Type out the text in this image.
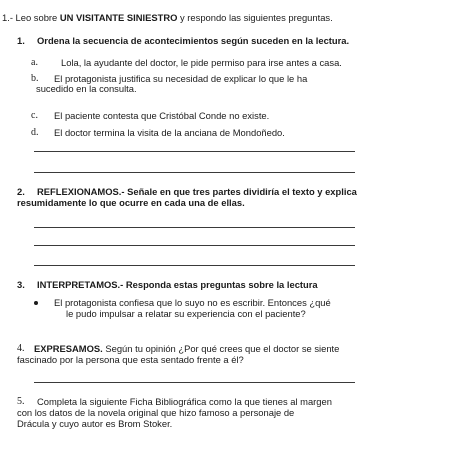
1.- Leo sobre UN VISITANTE SINIESTRO y respondo las siguientes preguntas.
1. Ordena la secuencia de acontecimientos según suceden en la lectura.
a. Lola, la ayudante del doctor, le pide permiso para irse antes a casa.
b. El protagonista justifica su necesidad de explicar lo que le ha
sucedido en la consulta.
c. El paciente contesta que Cristóbal Conde no existe.
d. El doctor termina la visita de la anciana de Mondoñedo.
2. REFLEXIONAMOS.- Señale en que tres partes dividiría el texto y explica
resumidamente lo que ocurre en cada una de ellas.
3. INTERPRETAMOS.- Responda estas preguntas sobre la lectura
El protagonista confiesa que lo suyo no es escribir. Entonces ¿qué
le pudo impulsar a relatar su experiencia con el paciente?
4. EXPRESAMOS. Según tu opinión ¿Por qué crees que el doctor se siente
fascinado por la persona que esta sentado frente a él?
5. Completa la siguiente Ficha Bibliográfica como la que tienes al margen
con los datos de la novela original que hizo famoso a personaje de
Drácula y cuyo autor es Brom Stoker.
